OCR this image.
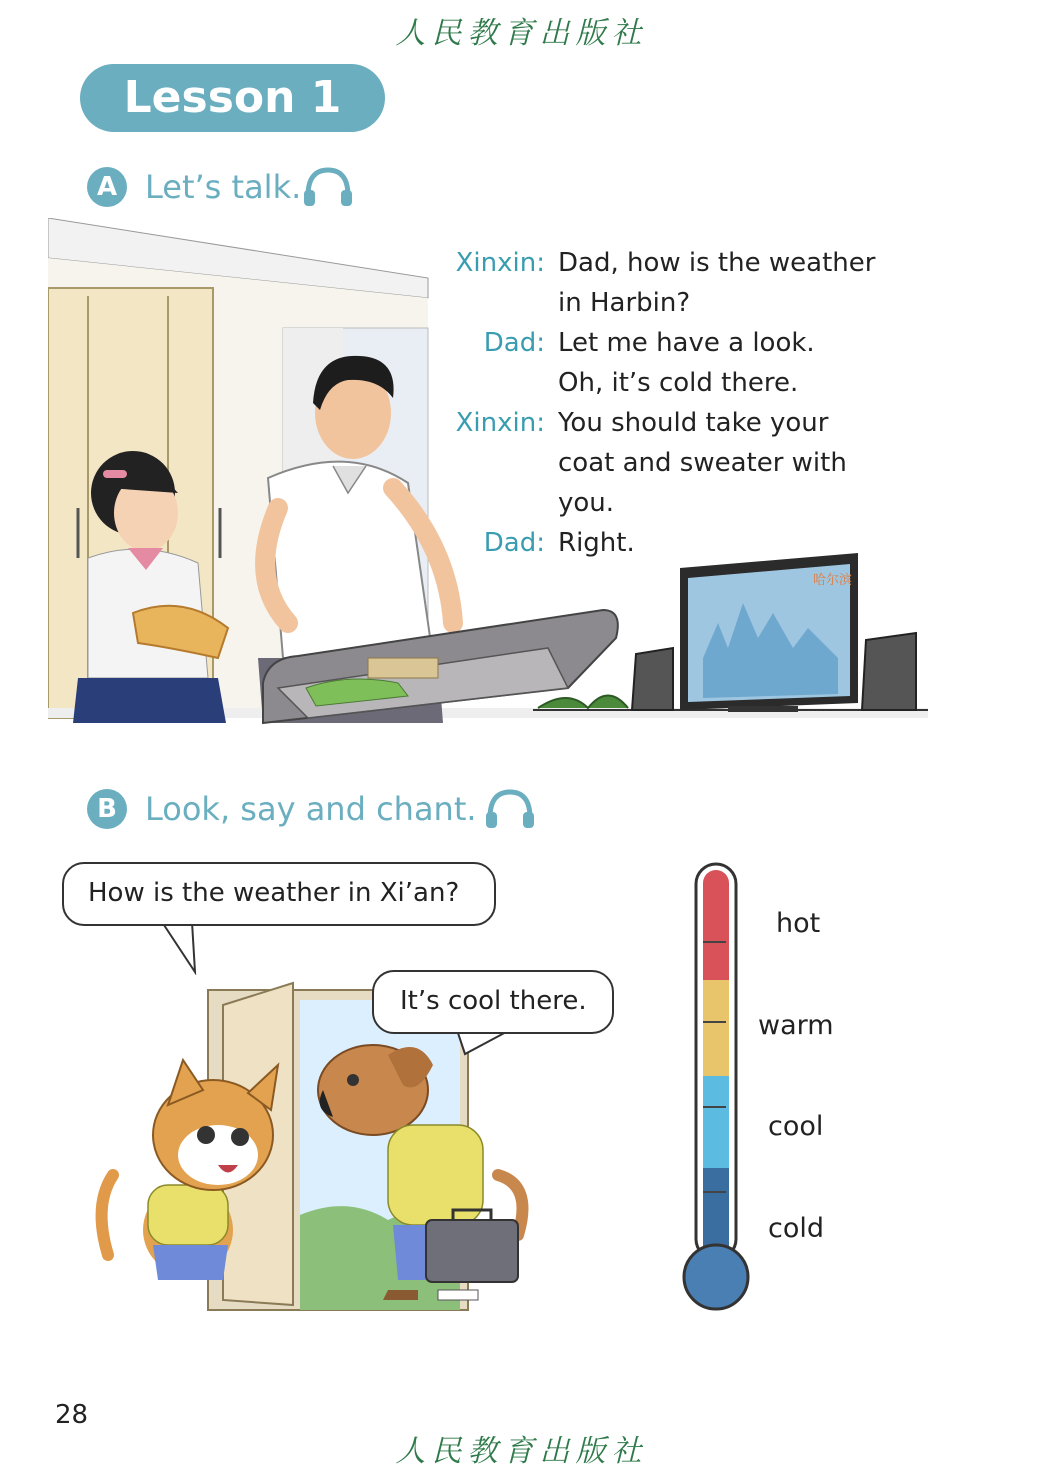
人民教育出版社
Lesson 1
A Let’s talk.
哈尔滨
Xinxin: Dad, how is the weather
in Harbin?
Dad: Let me have a look.
Oh, it’s cold there.
Xinxin: You should take your
coat and sweater with
you.
Dad: Right.
B Look, say and chant.
How is the weather in Xi’an?
It’s cool there.
hot
warm
cool
cold
28
人民教育出版社
